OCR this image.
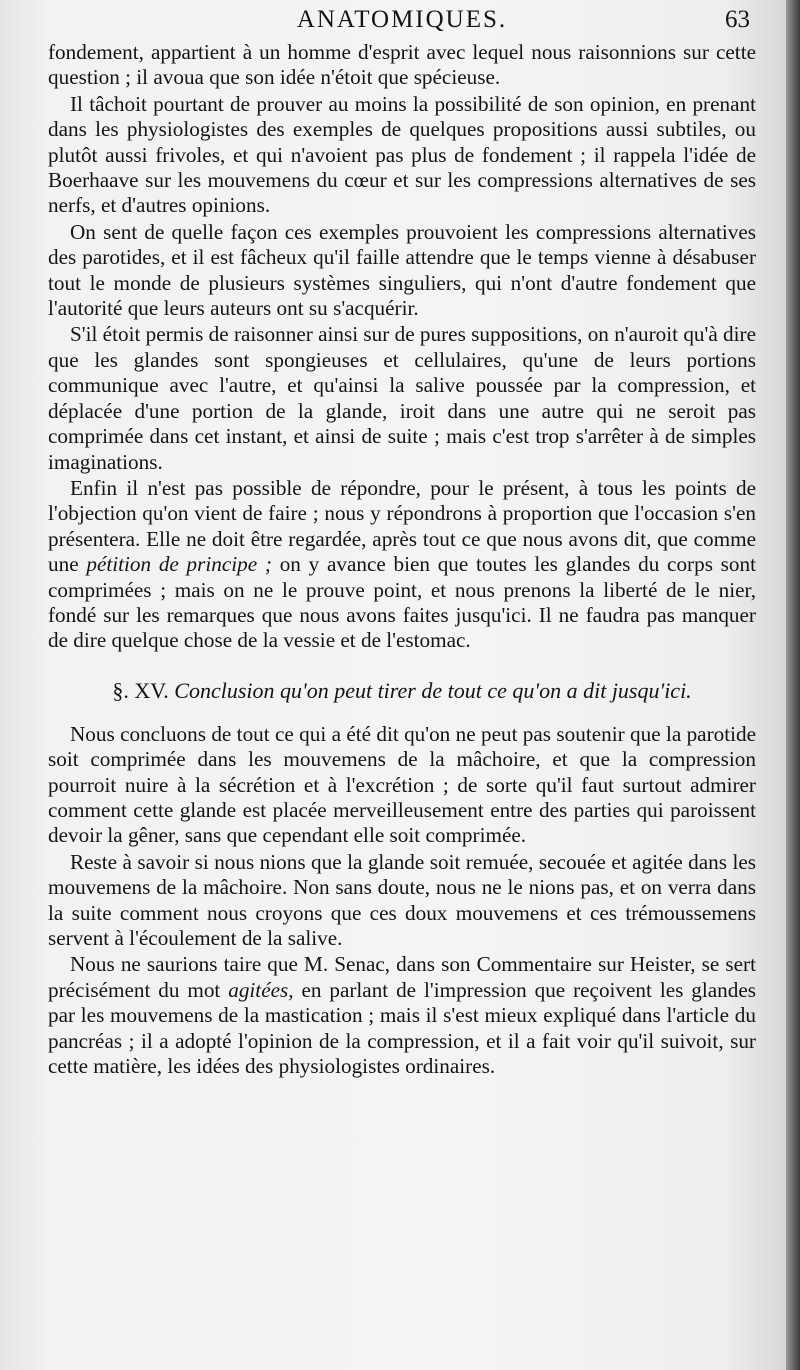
ANATOMIQUES.	63

fondement, appartient à un homme d'esprit avec lequel nous raisonnions sur cette question ; il avoua que son idée n'étoit que spécieuse.

Il tâchoit pourtant de prouver au moins la possibilité de son opinion, en prenant dans les physiologistes des exemples de quelques propositions aussi subtiles, ou plutôt aussi frivoles, et qui n'avoient pas plus de fondement ; il rappela l'idée de Boerhaave sur les mouvemens du cœur et sur les compressions alternatives de ses nerfs, et d'autres opinions.

On sent de quelle façon ces exemples prouvoient les compressions alternatives des parotides, et il est fâcheux qu'il faille attendre que le temps vienne à désabuser tout le monde de plusieurs systèmes singuliers, qui n'ont d'autre fondement que l'autorité que leurs auteurs ont su s'acquérir.

S'il étoit permis de raisonner ainsi sur de pures suppositions, on n'auroit qu'à dire que les glandes sont spongieuses et cellulaires, qu'une de leurs portions communique avec l'autre, et qu'ainsi la salive poussée par la compression, et déplacée d'une portion de la glande, iroit dans une autre qui ne seroit pas comprimée dans cet instant, et ainsi de suite ; mais c'est trop s'arrêter à de simples imaginations.

Enfin il n'est pas possible de répondre, pour le présent, à tous les points de l'objection qu'on vient de faire ; nous y répondrons à proportion que l'occasion s'en présentera. Elle ne doit être regardée, après tout ce que nous avons dit, que comme une pétition de principe ; on y avance bien que toutes les glandes du corps sont comprimées ; mais on ne le prouve point, et nous prenons la liberté de le nier, fondé sur les remarques que nous avons faites jusqu'ici. Il ne faudra pas manquer de dire quelque chose de la vessie et de l'estomac.

§. XV. Conclusion qu'on peut tirer de tout ce qu'on a dit jusqu'ici.

Nous concluons de tout ce qui a été dit qu'on ne peut pas soutenir que la parotide soit comprimée dans les mouvemens de la mâchoire, et que la compression pourroit nuire à la sécrétion et à l'excrétion ; de sorte qu'il faut surtout admirer comment cette glande est placée merveilleusement entre des parties qui paroissent devoir la gêner, sans que cependant elle soit comprimée.

Reste à savoir si nous nions que la glande soit remuée, secouée et agitée dans les mouvemens de la mâchoire. Non sans doute, nous ne le nions pas, et on verra dans la suite comment nous croyons que ces doux mouvemens et ces trémoussemens servent à l'écoulement de la salive.

Nous ne saurions taire que M. Senac, dans son Commentaire sur Heister, se sert précisément du mot agitées, en parlant de l'impression que reçoivent les glandes par les mouvemens de la mastication ; mais il s'est mieux expliqué dans l'article du pancréas ; il a adopté l'opinion de la compression, et il a fait voir qu'il suivoit, sur cette matière, les idées des physiologistes ordinaires.
